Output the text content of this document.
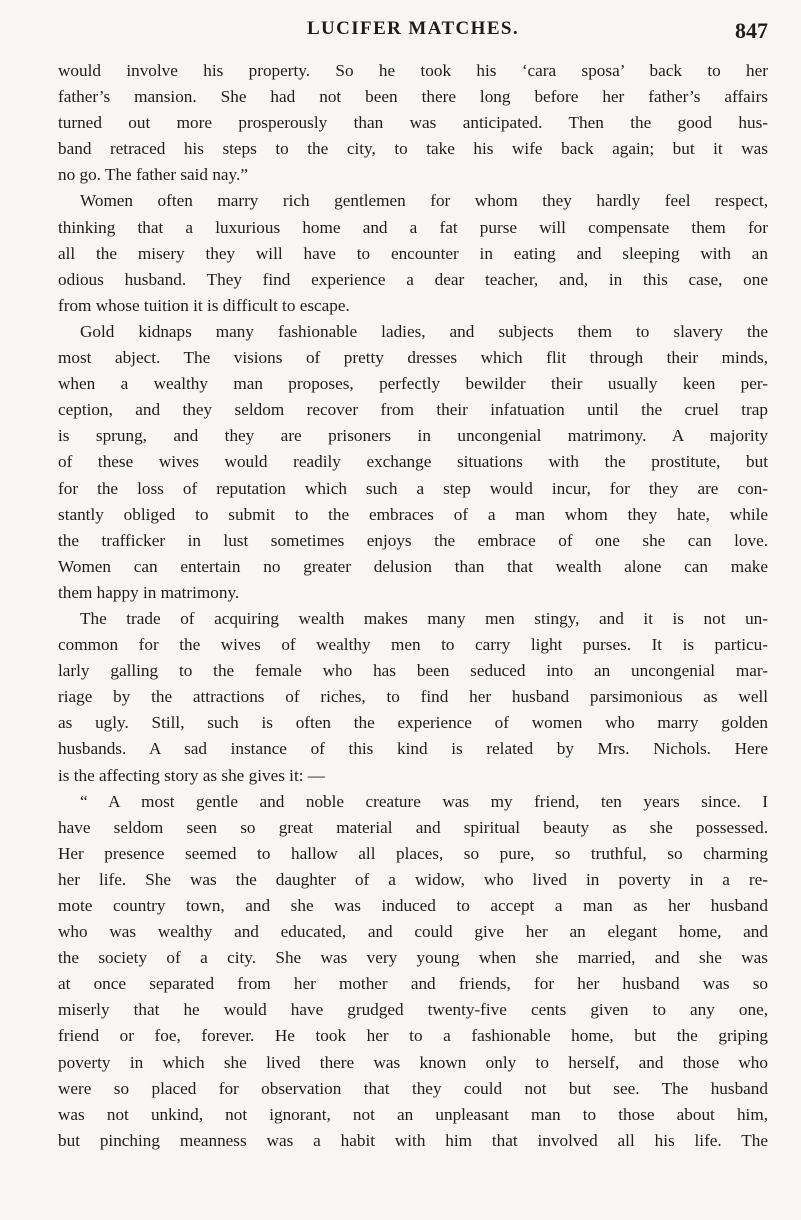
LUCIFER MATCHES.	847
would involve his property. So he took his ‘cara sposa’ back to her
father’s mansion. She had not been there long before her father’s affairs
turned out more prosperously than was anticipated. Then the good hus-
band retraced his steps to the city, to take his wife back again; but it was
no go. The father said nay.”
Women often marry rich gentlemen for whom they hardly feel respect,
thinking that a luxurious home and a fat purse will compensate them for
all the misery they will have to encounter in eating and sleeping with an
odious husband. They find experience a dear teacher, and, in this case, one
from whose tuition it is difficult to escape.
Gold kidnaps many fashionable ladies, and subjects them to slavery the
most abject. The visions of pretty dresses which flit through their minds,
when a wealthy man proposes, perfectly bewilder their usually keen per-
ception, and they seldom recover from their infatuation until the cruel trap
is sprung, and they are prisoners in uncongenial matrimony. A majority
of these wives would readily exchange situations with the prostitute, but
for the loss of reputation which such a step would incur, for they are con-
stantly obliged to submit to the embraces of a man whom they hate, while
the trafficker in lust sometimes enjoys the embrace of one she can love.
Women can entertain no greater delusion than that wealth alone can make
them happy in matrimony.
The trade of acquiring wealth makes many men stingy, and it is not un-
common for the wives of wealthy men to carry light purses. It is particu-
larly galling to the female who has been seduced into an uncongenial mar-
riage by the attractions of riches, to find her husband parsimonious as well
as ugly. Still, such is often the experience of women who marry golden
husbands. A sad instance of this kind is related by Mrs. Nichols. Here
is the affecting story as she gives it: —
“ A most gentle and noble creature was my friend, ten years since. I
have seldom seen so great material and spiritual beauty as she possessed.
Her presence seemed to hallow all places, so pure, so truthful, so charming
her life. She was the daughter of a widow, who lived in poverty in a re-
mote country town, and she was induced to accept a man as her husband
who was wealthy and educated, and could give her an elegant home, and
the society of a city. She was very young when she married, and she was
at once separated from her mother and friends, for her husband was so
miserly that he would have grudged twenty-five cents given to any one,
friend or foe, forever. He took her to a fashionable home, but the griping
poverty in which she lived there was known only to herself, and those who
were so placed for observation that they could not but see. The husband
was not unkind, not ignorant, not an unpleasant man to those about him,
but pinching meanness was a habit with him that involved all his life. The
